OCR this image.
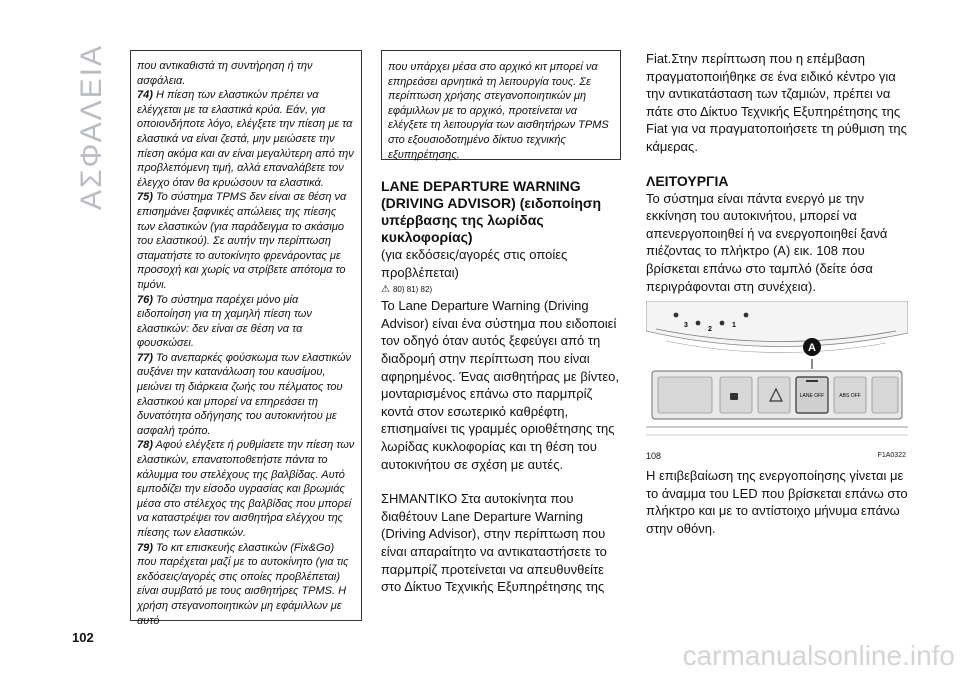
ΑΣΦΑΛΕΙΑ
102

που αντικαθιστά τη συντήρηση ή την ασφάλεια.

74) Η πίεση των ελαστικών πρέπει να ελέγχεται με τα ελαστικά κρύα. Εάν, για οποιονδήποτε λόγο, ελέγξετε την πίεση με τα ελαστικά να είναι ζεστά, μην μειώσετε την πίεση ακόμα και αν είναι μεγαλύτερη από την προβλεπόμενη τιμή, αλλά επαναλάβετε τον έλεγχο όταν θα κρυώσουν τα ελαστικά.

75) Το σύστημα TPMS δεν είναι σε θέση να επισημάνει ξαφνικές απώλειες της πίεσης των ελαστικών (για παράδειγμα το σκάσιμο του ελαστικού). Σε αυτήν την περίπτωση σταματήστε το αυτοκίνητο φρενάροντας με προσοχή και χωρίς να στρίβετε απότομα το τιμόνι.

76) Το σύστημα παρέχει μόνο μία ειδοποίηση για τη χαμηλή πίεση των ελαστικών: δεν είναι σε θέση να τα φουσκώσει.

77) Το ανεπαρκές φούσκωμα των ελαστικών αυξάνει την κατανάλωση του καυσίμου, μειώνει τη διάρκεια ζωής του πέλματος του ελαστικού και μπορεί να επηρεάσει τη δυνατότητα οδήγησης του αυτοκινήτου με ασφαλή τρόπο.

78) Αφού ελέγξετε ή ρυθμίσετε την πίεση των ελαστικών, επανατοποθετήστε πάντα το κάλυμμα του στελέχους της βαλβίδας. Αυτό εμποδίζει την είσοδο υγρασίας και βρωμιάς μέσα στο στέλεχος της βαλβίδας που μπορεί να καταστρέψει τον αισθητήρα ελέγχου της πίεσης των ελαστικών.

79) Το κιτ επισκευής ελαστικών (Fix&Go) που παρέχεται μαζί με το αυτοκίνητο (για τις εκδόσεις/αγορές στις οποίες προβλέπεται) είναι συμβατό με τους αισθητήρες TPMS. Η χρήση στεγανοποιητικών μη εφάμιλλων με αυτό

που υπάρχει μέσα στο αρχικό κιτ μπορεί να επηρεάσει αρνητικά τη λειτουργία τους. Σε περίπτωση χρήσης στεγανοποιητικών μη εφάμιλλων με το αρχικό, προτείνεται να ελέγξετε τη λειτουργία των αισθητήρων TPMS στο εξουσιοδοτημένο δίκτυο τεχνικής εξυπηρέτησης.

LANE DEPARTURE WARNING (DRIVING ADVISOR) (ειδοποίηση υπέρβασης της λωρίδας κυκλοφορίας)

(για εκδόσεις/αγορές στις οποίες προβλέπεται)

⚠ 80) 81) 82)

Το Lane Departure Warning (Driving Advisor) είναι ένα σύστημα που ειδοποιεί τον οδηγό όταν αυτός ξεφεύγει από τη διαδρομή στην περίπτωση που είναι αφηρημένος. Ένας αισθητήρας με βίντεο, μονταρισμένος επάνω στο παρμπρίζ κοντά στον εσωτερικό καθρέφτη, επισημαίνει τις γραμμές οριοθέτησης της λωρίδας κυκλοφορίας και τη θέση του αυτοκινήτου σε σχέση με αυτές.

ΣΗΜΑΝΤΙΚΟ Στα αυτοκίνητα που διαθέτουν Lane Departure Warning (Driving Advisor), στην περίπτωση που είναι απαραίτητο να αντικαταστήσετε το παρμπρίζ προτείνεται να απευθυνθείτε στο Δίκτυο Τεχνικής Εξυπηρέτησης της

Fiat.Στην περίπτωση που η επέμβαση πραγματοποιήθηκε σε ένα ειδικό κέντρο για την αντικατάσταση των τζαμιών, πρέπει να πάτε στο Δίκτυο Τεχνικής Εξυπηρέτησης της Fiat για να πραγματοποιήσετε τη ρύθμιση της κάμερας.

ΛΕΙΤΟΥΡΓΙΑ

Το σύστημα είναι πάντα ενεργό με την εκκίνηση του αυτοκινήτου, μπορεί να απενεργοποιηθεί ή να ενεργοποιηθεί ξανά πιέζοντας το πλήκτρο (A) εικ. 108 που βρίσκεται επάνω στο ταμπλό (δείτε όσα περιγράφονται στη συνέχεια).

3
2
1
LANE OFF	ABS OFF
A
108	F1A0322

Η επιβεβαίωση της ενεργοποίησης γίνεται με το άναμμα του LED που βρίσκεται επάνω στο πλήκτρο και με το αντίστοιχο μήνυμα επάνω στην οθόνη.

carmanualsonline.info
